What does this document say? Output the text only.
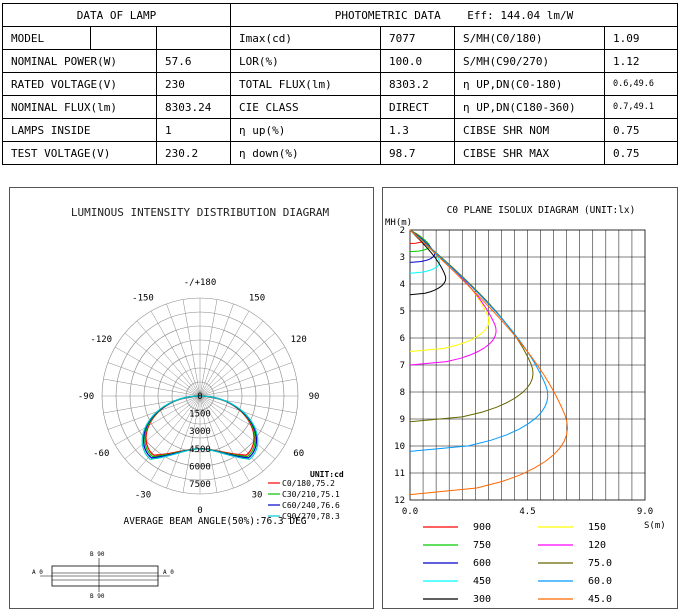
DATA OF LAMP			PHOTOMETRIC DATA Eff: 144.04 lm/W			
MODEL			Imax(cd)	7077	S/MH(C0/180)	1.09
NOMINAL POWER(W)		57.6	LOR(%)	100.0	S/MH(C90/270)	1.12
RATED VOLTAGE(V)		230	TOTAL FLUX(lm)	8303.2	η UP,DN(C0-180)	0.6,49.6
NOMINAL FLUX(lm)		8303.24	CIE CLASS	DIRECT	η UP,DN(C180-360)	0.7,49.1
LAMPS INSIDE		1	η up(%)	1.3	CIBSE SHR NOM	0.75
TEST VOLTAGE(V)		230.2	η down(%)	98.7	CIBSE SHR MAX	0.75
LUMINOUS INTENSITY DISTRIBUTION DIAGRAM
-/+180
150
-150
120
-120
90
-90
60
-60
30
-30
0
0
1500
3000
4500
6000
7500
UNIT:cd
C0/180,75.2
C30/210,75.1
C60/240,76.6
C90/270,78.3
AVERAGE BEAM ANGLE(50%):76.3 DEG
A 0	A 0
B 90
B 90
C0 PLANE ISOLUX DIAGRAM (UNIT:lx)
MH(m)
S(m)
2
3
4
5
6
7
8
9
10
11
12
0.0	4.5	9.0
900	150
750	120
600	75.0
450	60.0
300	45.0
